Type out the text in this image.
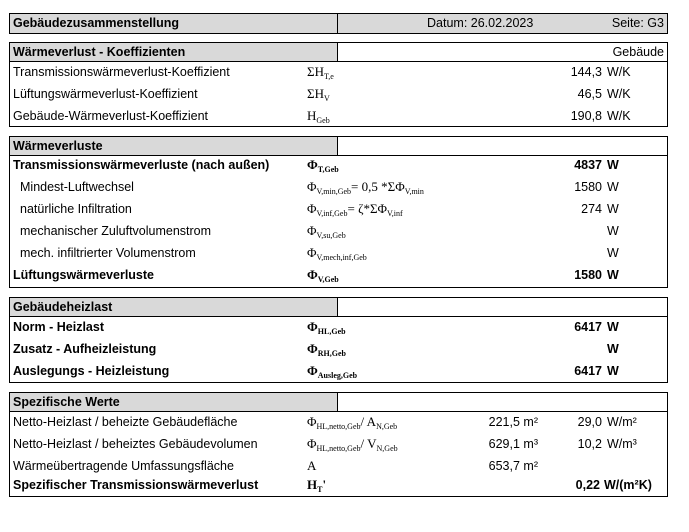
Gebäudezusammenstellung	Datum: 26.02.2023	Seite: G3
Wärmeverlust - Koeffizienten	Gebäude
Transmissionswärmeverlust-Koeffizient	$\Sigma H_{T,e}$	144,3 W/K
Lüftungswärmeverlust-Koeffizient	$\Sigma H_V$	46,5 W/K
Gebäude-Wärmeverlust-Koeffizient	$H_{Geb}$	190,8 W/K
Wärmeverluste
Transmissionswärmeverluste (nach außen)	$\Phi_{T,Geb}$	4837 W
Mindest-Luftwechsel	$\Phi_{V,min,Geb}= 0,5$ $*\Sigma\Phi_{V,min}$	1580 W
natürliche Infiltration	$\Phi_{V,inf,Geb}= \zeta*\Sigma\Phi_{V,inf}$	274 W
mechanischer Zuluftvolumenstrom	$\Phi_{V,su,Geb}$	W
mech. infiltrierter Volumenstrom	$\Phi_{V,mech,inf,Geb}$	W
Lüftungswärmeverluste	$\Phi_{V,Geb}$	1580 W
Gebäudeheizlast
Norm - Heizlast	$\Phi_{HL,Geb}$	6417 W
Zusatz - Aufheizleistung	$\Phi_{RH,Geb}$	W
Auslegungs - Heizleistung	$\Phi_{Ausleg,Geb}$	6417 W
Spezifische Werte
Netto-Heizlast / beheizte Gebäudefläche	$\Phi_{HL,netto,Geb}/$ $A_{N,Geb}$	221,5 m²	29,0 W/m²
Netto-Heizlast / beheiztes Gebäudevolumen	$\Phi_{HL,netto,Geb}/$ $V_{N,Geb}$	629,1 m³	10,2 W/m³
Wärmeübertragende Umfassungsfläche	A	653,7 m²
Spezifischer Transmissionswärmeverlust	$H_T'$	0,22 W/(m²K)
